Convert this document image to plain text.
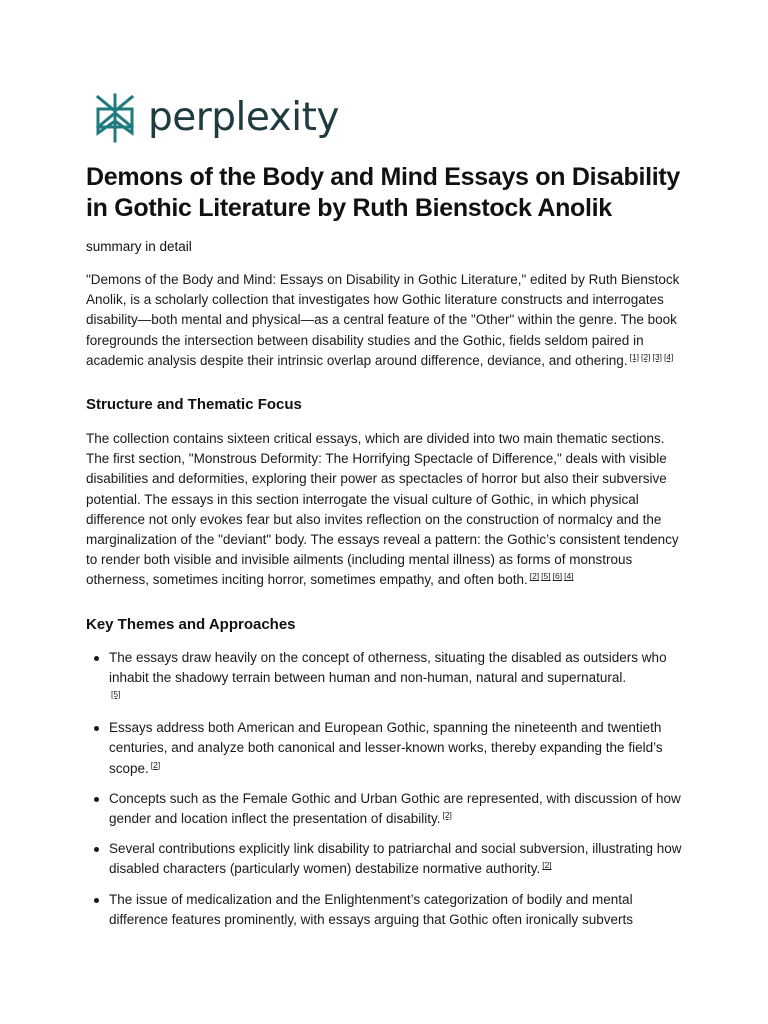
perplexity
Demons of the Body and Mind Essays on Disability in Gothic Literature by Ruth Bienstock Anolik
summary in detail

"Demons of the Body and Mind: Essays on Disability in Gothic Literature," edited by Ruth Bienstock Anolik, is a scholarly collection that investigates how Gothic literature constructs and interrogates disability—both mental and physical—as a central feature of the "Other" within the genre. The book foregrounds the intersection between disability studies and the Gothic, fields seldom paired in academic analysis despite their intrinsic overlap around difference, deviance, and othering. [1] [2] [3] [4]

Structure and Thematic Focus

The collection contains sixteen critical essays, which are divided into two main thematic sections. The first section, "Monstrous Deformity: The Horrifying Spectacle of Difference," deals with visible disabilities and deformities, exploring their power as spectacles of horror but also their subversive potential. The essays in this section interrogate the visual culture of Gothic, in which physical difference not only evokes fear but also invites reflection on the construction of normalcy and the marginalization of the "deviant" body. The essays reveal a pattern: the Gothic’s consistent tendency to render both visible and invisible ailments (including mental illness) as forms of monstrous otherness, sometimes inciting horror, sometimes empathy, and often both. [2] [5] [6] [4]

Key Themes and Approaches
The essays draw heavily on the concept of otherness, situating the disabled as outsiders who inhabit the shadowy terrain between human and non-human, natural and supernatural.
[5]
Essays address both American and European Gothic, spanning the nineteenth and twentieth centuries, and analyze both canonical and lesser-known works, thereby expanding the field’s scope. [2]
Concepts such as the Female Gothic and Urban Gothic are represented, with discussion of how gender and location inflect the presentation of disability. [2]
Several contributions explicitly link disability to patriarchal and social subversion, illustrating how disabled characters (particularly women) destabilize normative authority. [2]
The issue of medicalization and the Enlightenment’s categorization of bodily and mental difference features prominently, with essays arguing that Gothic often ironically subverts
